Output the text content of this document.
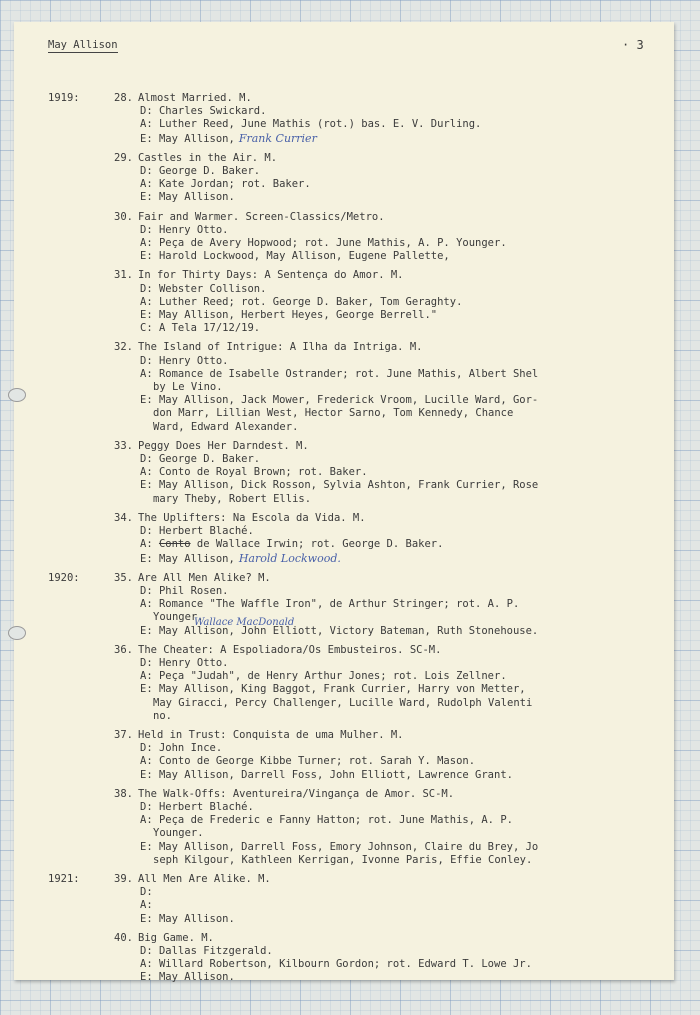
May Allison	· 3
1919:	28. Almost Married. M.
D: Charles Swickard.
A: Luther Reed, June Mathis (rot.) bas. E. V. Durling.
E: May Allison, Frank Currier
29. Castles in the Air. M.
D: George D. Baker.
A: Kate Jordan; rot. Baker.
E: May Allison.
30. Fair and Warmer. Screen-Classics/Metro.
D: Henry Otto.
A: Peça de Avery Hopwood; rot. June Mathis, A. P. Younger.
E: Harold Lockwood, May Allison, Eugene Pallette,
31. In for Thirty Days: A Sentença do Amor. M.
D: Webster Collison.
A: Luther Reed; rot. George D. Baker, Tom Geraghty.
E: May Allison, Herbert Heyes, George Berrell."
C: A Tela 17/12/19.
32. The Island of Intrigue: A Ilha da Intriga. M.
D: Henry Otto.
A: Romance de Isabelle Ostrander; rot. June Mathis, Albert Shel
by Le Vino.
E: May Allison, Jack Mower, Frederick Vroom, Lucille Ward, Gor-
don Marr, Lillian West, Hector Sarno, Tom Kennedy, Chance
Ward, Edward Alexander.
33. Peggy Does Her Darndest. M.
D: George D. Baker.
A: Conto de Royal Brown; rot. Baker.
E: May Allison, Dick Rosson, Sylvia Ashton, Frank Currier, Rose
mary Theby, Robert Ellis.
34. The Uplifters: Na Escola da Vida. M.
D: Herbert Blaché.
A: Conto de Wallace Irwin; rot. George D. Baker.
E: May Allison, Harold Lockwood.
1920:	35. Are All Men Alike? M.
D: Phil Rosen.
A: Romance "The Waffle Iron", de Arthur Stringer; rot. A. P.
Younger.
Wallace MacDonald
E: May Allison, John Elliott, Victory Bateman, Ruth Stonehouse.
36. The Cheater: A Espoliadora/Os Embusteiros. SC-M.
D: Henry Otto.
A: Peça "Judah", de Henry Arthur Jones; rot. Lois Zellner.
E: May Allison, King Baggot, Frank Currier, Harry von Metter,
May Giracci, Percy Challenger, Lucille Ward, Rudolph Valenti
no.
37. Held in Trust: Conquista de uma Mulher. M.
D: John Ince.
A: Conto de George Kibbe Turner; rot. Sarah Y. Mason.
E: May Allison, Darrell Foss, John Elliott, Lawrence Grant.
38. The Walk-Offs: Aventureira/Vingança de Amor. SC-M.
D: Herbert Blaché.
A: Peça de Frederic e Fanny Hatton; rot. June Mathis, A. P.
Younger.
E: May Allison, Darrell Foss, Emory Johnson, Claire du Brey, Jo
seph Kilgour, Kathleen Kerrigan, Ivonne Paris, Effie Conley.
1921:	39. All Men Are Alike. M.
D:
A:
E: May Allison.
40. Big Game. M.
D: Dallas Fitzgerald.
A: Willard Robertson, Kilbourn Gordon; rot. Edward T. Lowe Jr.
E: May Allison.
